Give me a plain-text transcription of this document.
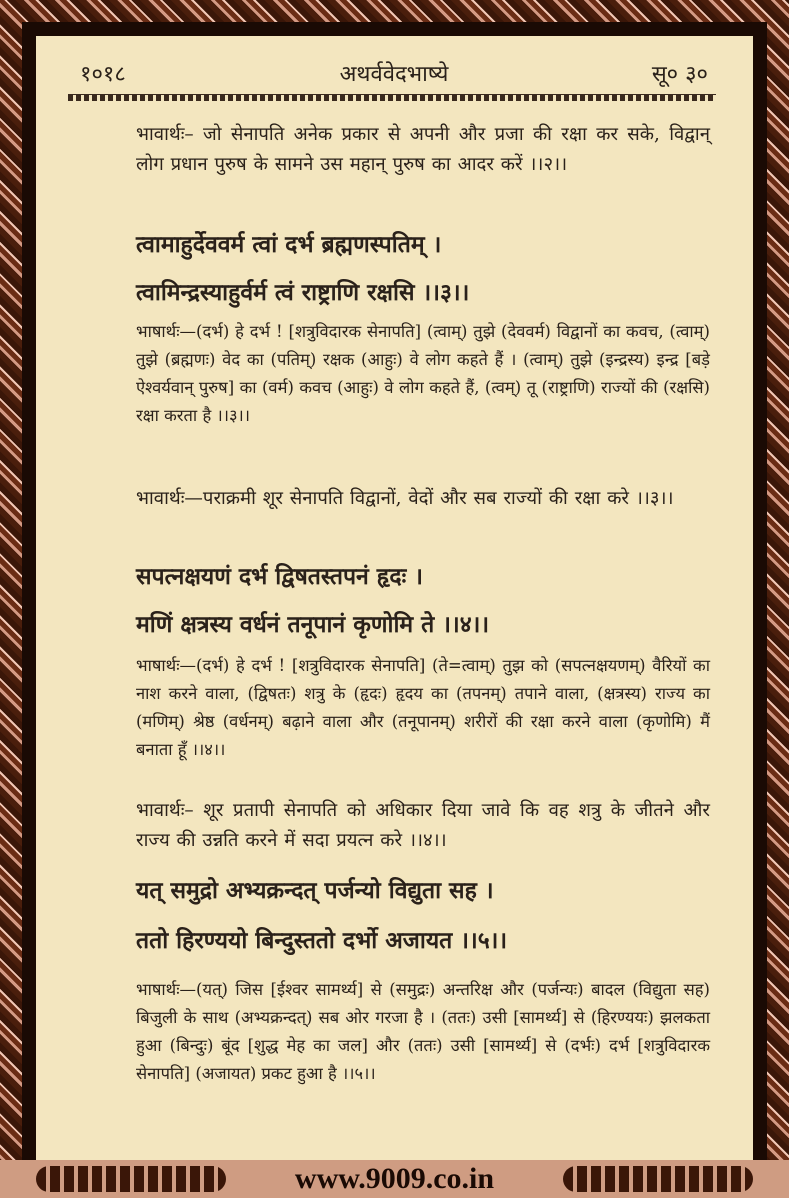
१०१८	अथर्ववेदभाष्ये	सू० ३०
भावार्थः– जो सेनापति अनेक प्रकार से अपनी और प्रजा की रक्षा कर सके, विद्वान् लोग प्रधान पुरुष के सामने उस महान् पुरुष का आदर करें ।।२।।
त्वामाहुर्देववर्म त्वां दर्भ ब्रह्मणस्पतिम् ।
त्वामिन्द्रस्याहुर्वर्म त्वं राष्ट्राणि रक्षसि ।।३।।
भाषार्थः—(दर्भ) हे दर्भ ! [शत्रुविदारक सेनापति] (त्वाम्) तुझे (देववर्म) विद्वानों का कवच, (त्वाम्) तुझे (ब्रह्मणः) वेद का (पतिम्) रक्षक (आहुः) वे लोग कहते हैं । (त्वाम्) तुझे (इन्द्रस्य) इन्द्र [बड़े ऐश्वर्यवान् पुरुष] का (वर्म) कवच (आहुः) वे लोग कहते हैं, (त्वम्) तू (राष्ट्राणि) राज्यों की (रक्षसि) रक्षा करता है ।।३।।
भावार्थः—पराक्रमी शूर सेनापति विद्वानों, वेदों और सब राज्यों की रक्षा करे ।।३।।
सपत्नक्षयणं दर्भ द्विषतस्तपनं हृदः ।
मणिं क्षत्रस्य वर्धनं तनूपानं कृणोमि ते ।।४।।
भाषार्थः—(दर्भ) हे दर्भ ! [शत्रुविदारक सेनापति] (ते=त्वाम्) तुझ को (सपत्नक्षयणम्) वैरियों का नाश करने वाला, (द्विषतः) शत्रु के (हृदः) हृदय का (तपनम्) तपाने वाला, (क्षत्रस्य) राज्य का (मणिम्) श्रेष्ठ (वर्धनम्) बढ़ाने वाला और (तनूपानम्) शरीरों की रक्षा करने वाला (कृणोमि) मैं बनाता हूँ ।।४।।
भावार्थः– शूर प्रतापी सेनापति को अधिकार दिया जावे कि वह शत्रु के जीतने और राज्य की उन्नति करने में सदा प्रयत्न करे ।।४।।
यत् समुद्रो अभ्यक्रन्दत् पर्जन्यो विद्युता सह ।
ततो हिरण्ययो बिन्दुस्ततो दर्भो अजायत ।।५।।
भाषार्थः—(यत्) जिस [ईश्वर सामर्थ्य] से (समुद्रः) अन्तरिक्ष और (पर्जन्यः) बादल (विद्युता सह) बिजुली के साथ (अभ्यक्रन्दत्) सब ओर गरजा है । (ततः) उसी [सामर्थ्य] से (हिरण्ययः) झलकता हुआ (बिन्दुः) बूंद [शुद्ध मेह का जल] और (ततः) उसी [सामर्थ्य] से (दर्भः) दर्भ [शत्रुविदारक सेनापति] (अजायत) प्रकट हुआ है ।।५।।
www.9009.co.in
